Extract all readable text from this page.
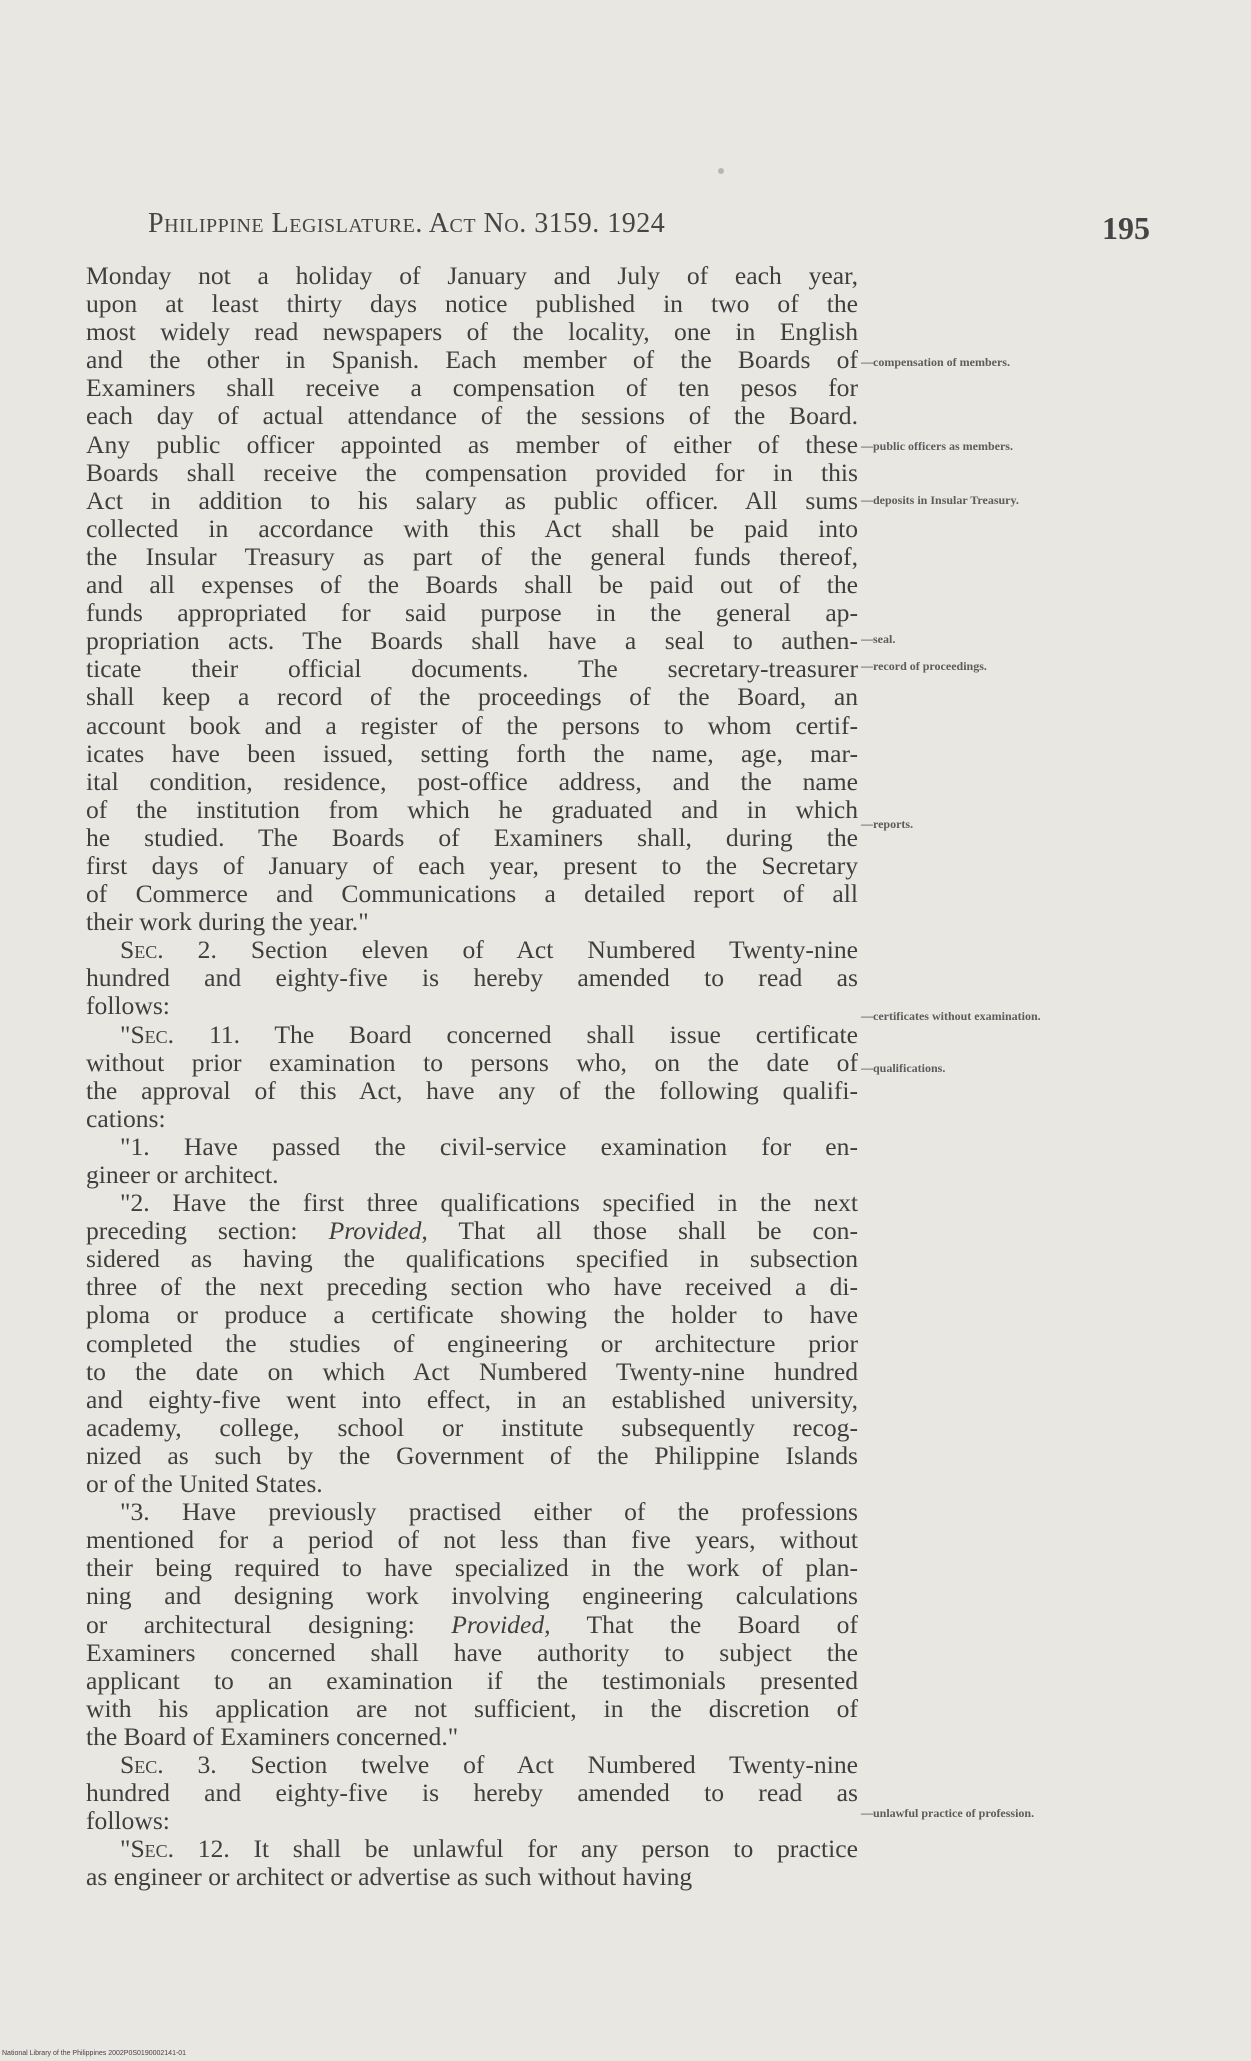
Philippine Legislature. Act No. 3159. 1924	195
Monday not a holiday of January and July of each year,
upon at least thirty days notice published in two of the
most widely read newspapers of the locality, one in English
and the other in Spanish. Each member of the Boards of
Examiners shall receive a compensation of ten pesos for
each day of actual attendance of the sessions of the Board.
Any public officer appointed as member of either of these
Boards shall receive the compensation provided for in this
Act in addition to his salary as public officer. All sums
collected in accordance with this Act shall be paid into
the Insular Treasury as part of the general funds thereof,
and all expenses of the Boards shall be paid out of the
funds appropriated for said purpose in the general ap-
propriation acts. The Boards shall have a seal to authen-
ticate their official documents. The secretary-treasurer
shall keep a record of the proceedings of the Board, an
account book and a register of the persons to whom certif-
icates have been issued, setting forth the name, age, mar-
ital condition, residence, post-office address, and the name
of the institution from which he graduated and in which
he studied. The Boards of Examiners shall, during the
first days of January of each year, present to the Secretary
of Commerce and Communications a detailed report of all
their work during the year."
Sec. 2. Section eleven of Act Numbered Twenty-nine
hundred and eighty-five is hereby amended to read as
follows:
"Sec. 11. The Board concerned shall issue certificate
without prior examination to persons who, on the date of
the approval of this Act, have any of the following qualifi-
cations:
"1. Have passed the civil-service examination for en-
gineer or architect.
"2. Have the first three qualifications specified in the next
preceding section: Provided, That all those shall be con-
sidered as having the qualifications specified in subsection
three of the next preceding section who have received a di-
ploma or produce a certificate showing the holder to have
completed the studies of engineering or architecture prior
to the date on which Act Numbered Twenty-nine hundred
and eighty-five went into effect, in an established university,
academy, college, school or institute subsequently recog-
nized as such by the Government of the Philippine Islands
or of the United States.
"3. Have previously practised either of the professions
mentioned for a period of not less than five years, without
their being required to have specialized in the work of plan-
ning and designing work involving engineering calculations
or architectural designing: Provided, That the Board of
Examiners concerned shall have authority to subject the
applicant to an examination if the testimonials presented
with his application are not sufficient, in the discretion of
the Board of Examiners concerned."
Sec. 3. Section twelve of Act Numbered Twenty-nine
hundred and eighty-five is hereby amended to read as
follows:
"Sec. 12. It shall be unlawful for any person to practice
as engineer or architect or advertise as such without having
—compensation of members.
—public officers as members.
—deposits in Insular Treasury.
—seal.
—record of proceedings.
—reports.
—certificates without examination.
—qualifications.
—unlawful practice of profession.
National Library of the Philippines 2002P0S0190002141-01
